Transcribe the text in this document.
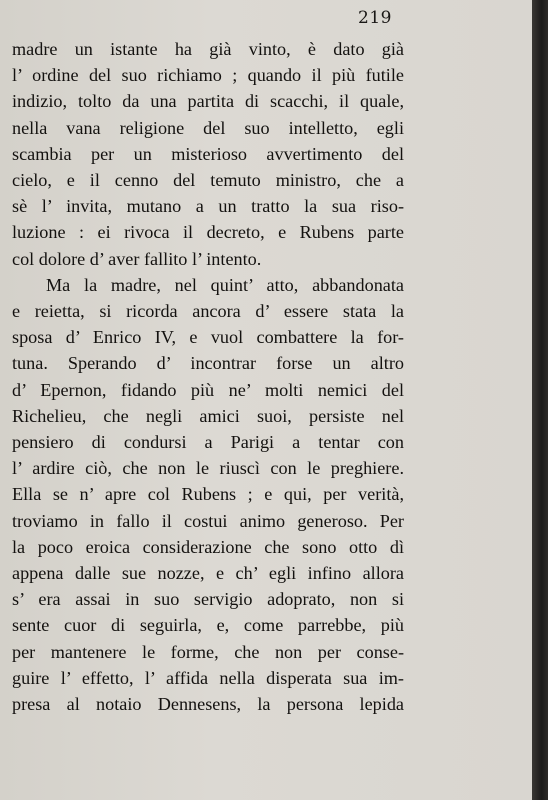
219
madre un istante ha già vinto, è dato già
l’ ordine del suo richiamo ; quando il più futile
indizio, tolto da una partita di scacchi, il quale,
nella vana religione del suo intelletto, egli
scambia per un misterioso avvertimento del
cielo, e il cenno del temuto ministro, che a
sè l’ invita, mutano a un tratto la sua riso-
luzione : ei rivoca il decreto, e Rubens parte
col dolore d’ aver fallito l’ intento.
Ma la madre, nel quint’ atto, abbandonata
e reietta, si ricorda ancora d’ essere stata la
sposa d’ Enrico IV, e vuol combattere la for-
tuna. Sperando d’ incontrar forse un altro
d’ Epernon, fidando più ne’ molti nemici del
Richelieu, che negli amici suoi, persiste nel
pensiero di condursi a Parigi a tentar con
l’ ardire ciò, che non le riuscì con le preghiere.
Ella se n’ apre col Rubens ; e qui, per verità,
troviamo in fallo il costui animo generoso. Per
la poco eroica considerazione che sono otto dì
appena dalle sue nozze, e ch’ egli infino allora
s’ era assai in suo servigio adoprato, non si
sente cuor di seguirla, e, come parrebbe, più
per mantenere le forme, che non per conse-
guire l’ effetto, l’ affida nella disperata sua im-
presa al notaio Dennesens, la persona lepida
